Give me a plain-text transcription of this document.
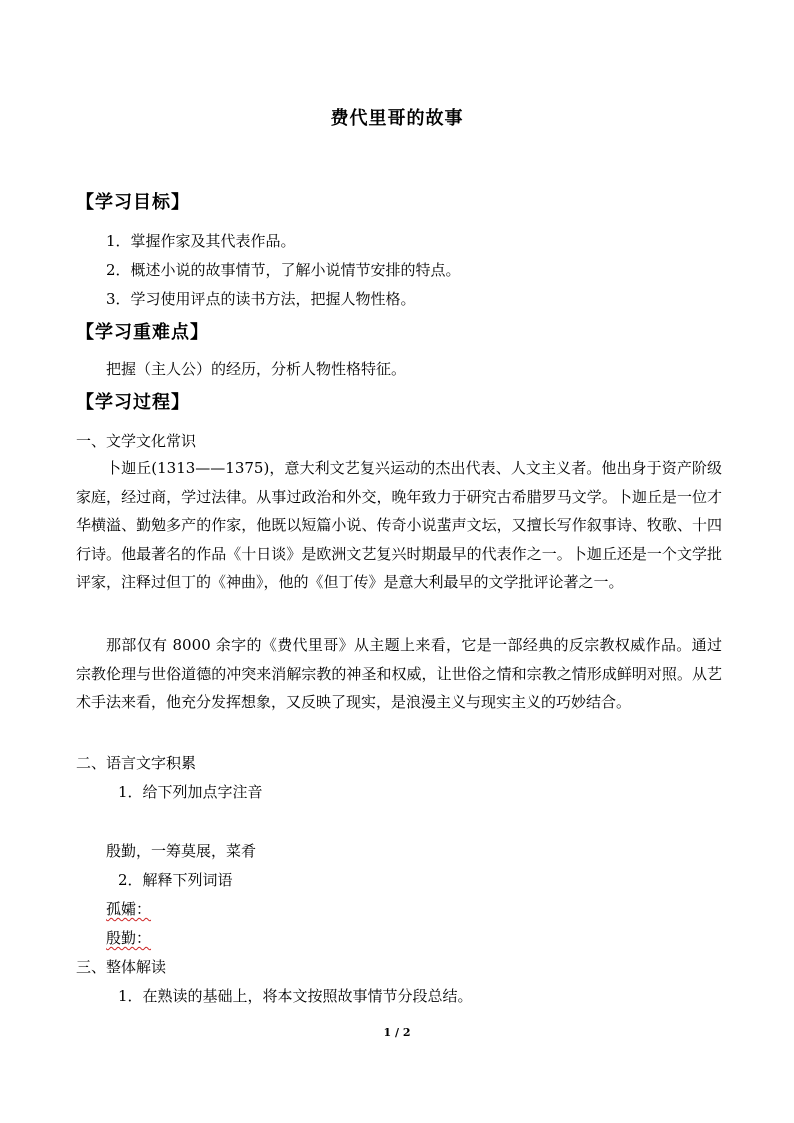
费代里哥的故事
【学习目标】
1．掌握作家及其代表作品。
2．概述小说的故事情节，了解小说情节安排的特点。
3．学习使用评点的读书方法，把握人物性格。
【学习重难点】
把握（主人公）的经历，分析人物性格特征。
【学习过程】
一、文学文化常识

卜迦丘(1313——1375)，意大利文艺复兴运动的杰出代表、人文主义者。他出身于资产阶级家庭，经过商，学过法律。从事过政治和外交，晚年致力于研究古希腊罗马文学。卜迦丘是一位才华横溢、勤勉多产的作家，他既以短篇小说、传奇小说蜚声文坛，又擅长写作叙事诗、牧歌、十四行诗。他最著名的作品《十日谈》是欧洲文艺复兴时期最早的代表作之一。卜迦丘还是一个文学批评家，注释过但丁的《神曲》，他的《但丁传》是意大利最早的文学批评论著之一。

那部仅有 8000 余字的《费代里哥》从主题上来看，它是一部经典的反宗教权威作品。通过宗教伦理与世俗道德的冲突来消解宗教的神圣和权威，让世俗之情和宗教之情形成鲜明对照。从艺术手法来看，他充分发挥想象，又反映了现实，是浪漫主义与现实主义的巧妙结合。

二、语言文字积累
1．给下列加点字注音
殷勤，一筹莫展，菜肴
2．解释下列词语
孤孀：
殷勤：
三、整体解读
1．在熟读的基础上，将本文按照故事情节分段总结。
1 / 2
